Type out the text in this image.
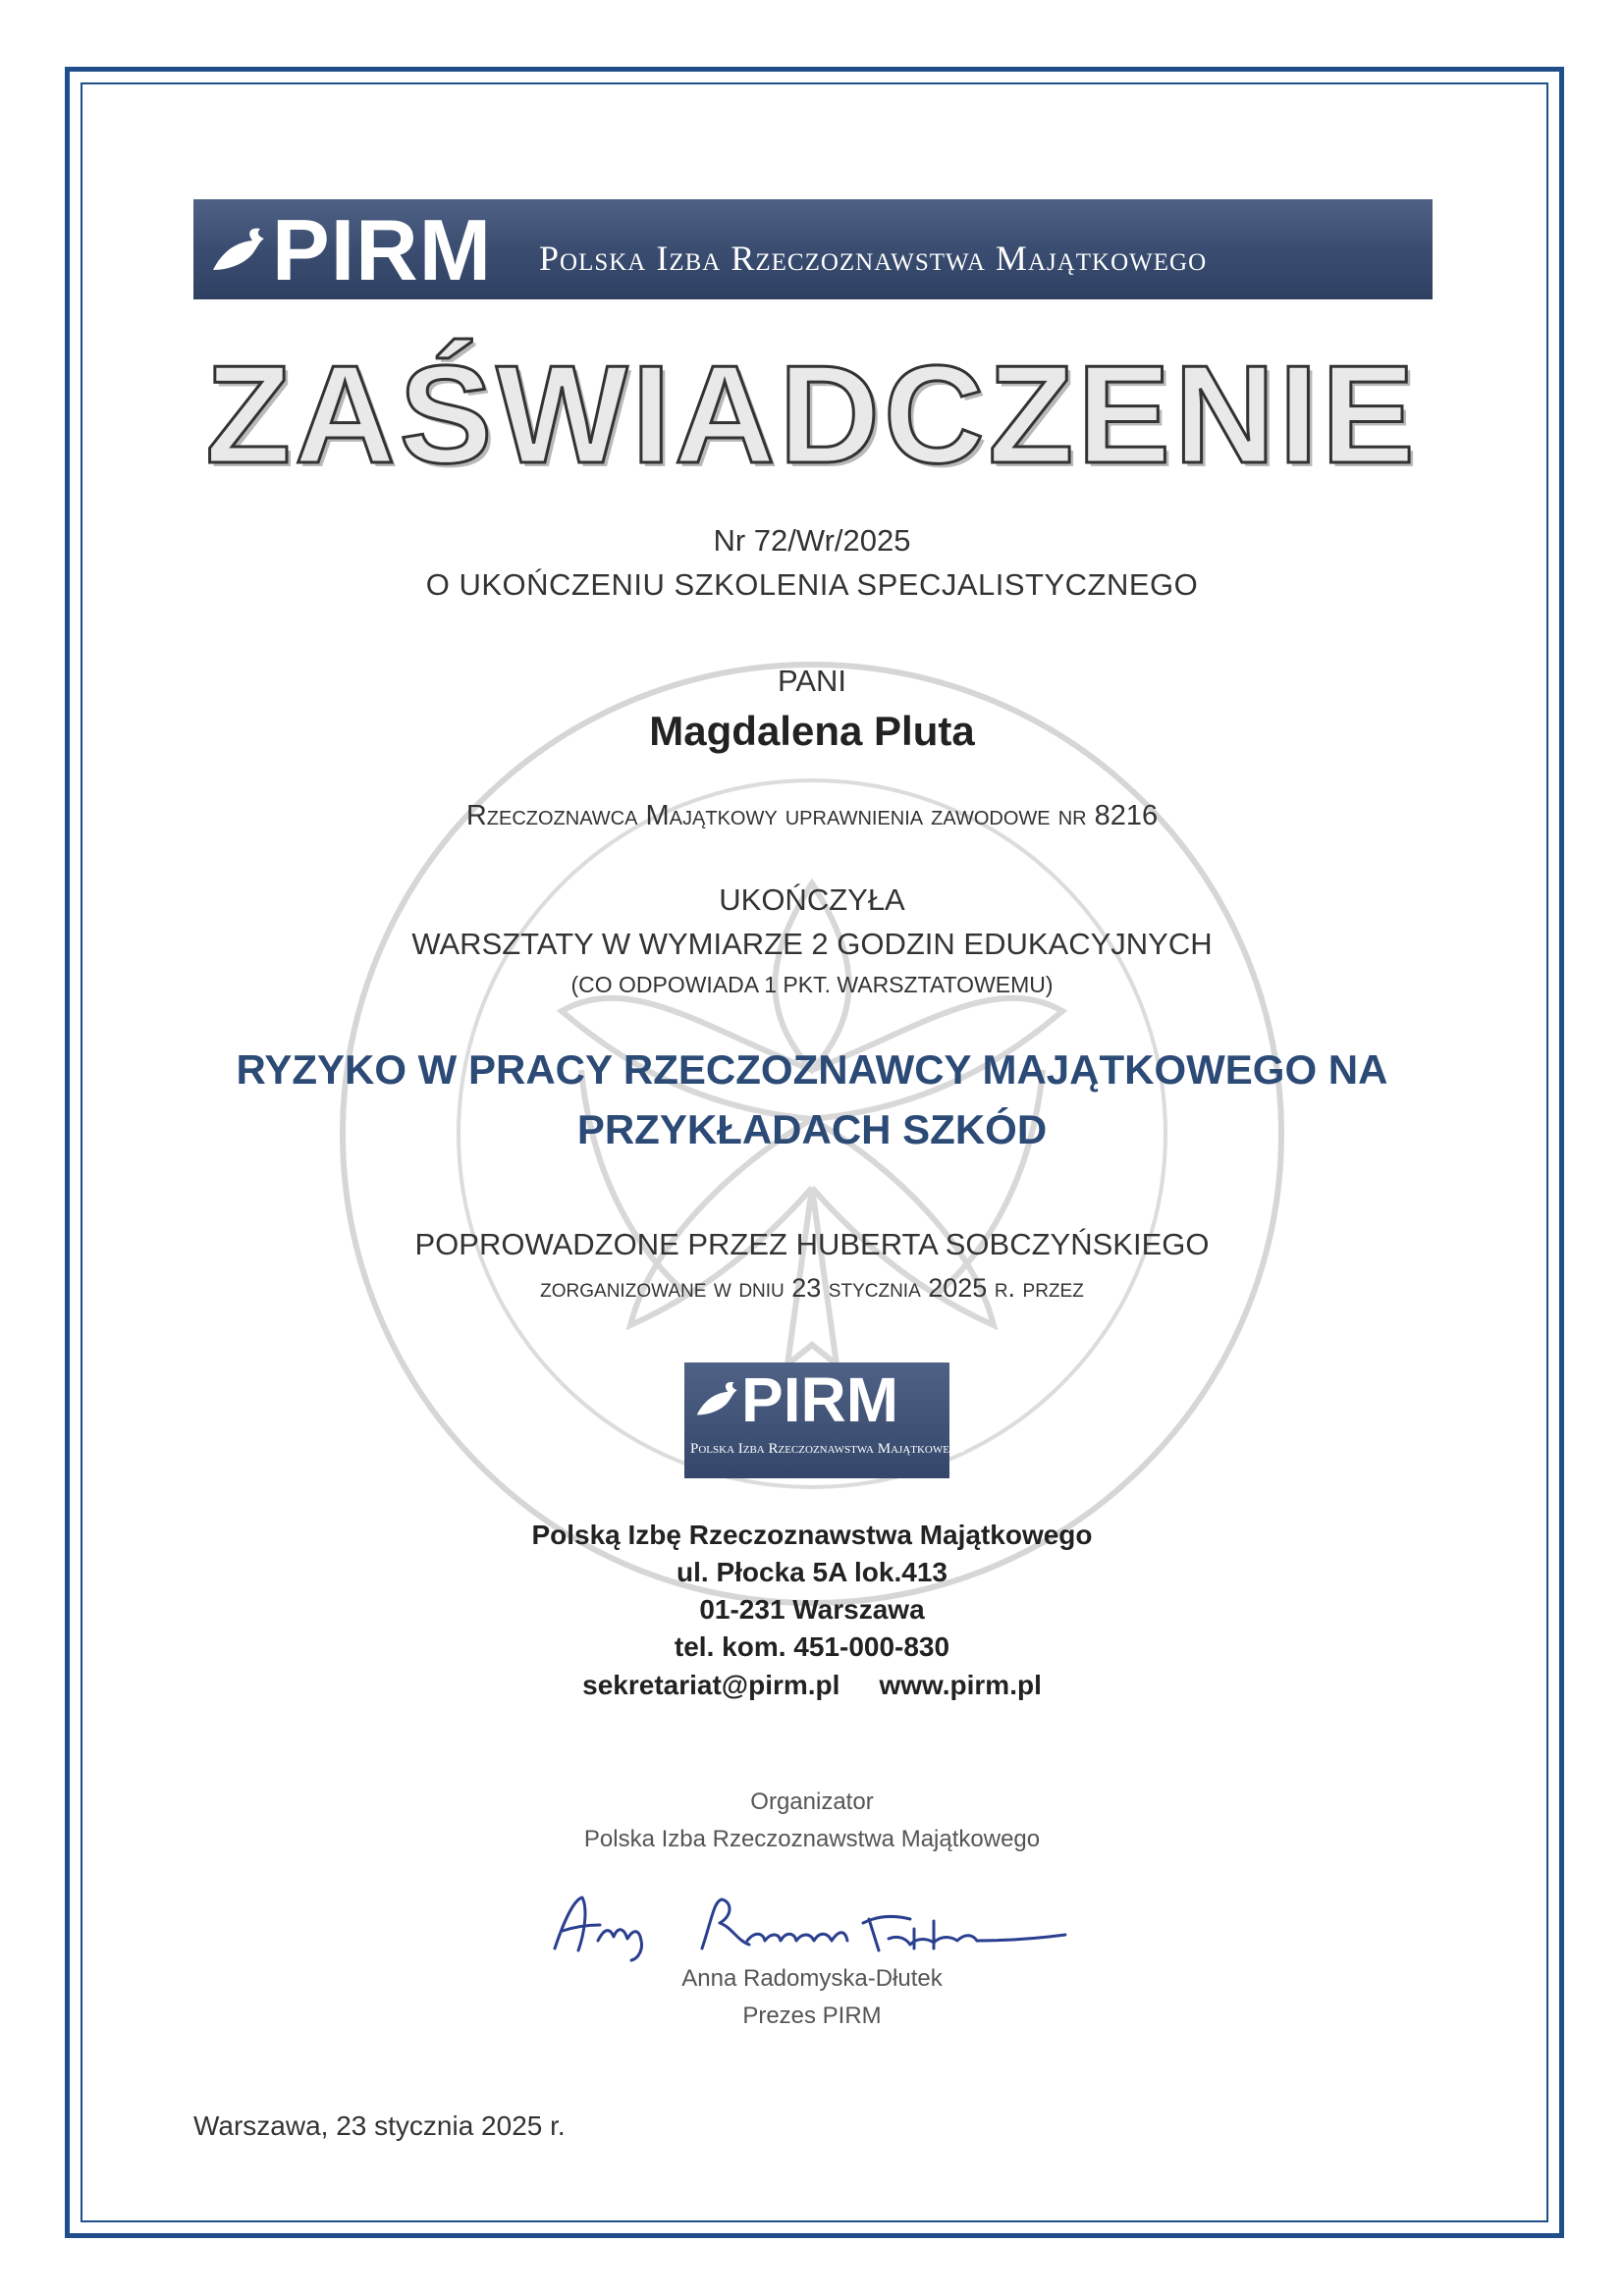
PIRM Polska Izba Rzeczoznawstwa Majątkowego
ZAŚWIADCZENIE
Nr 72/Wr/2025
O UKOŃCZENIU SZKOLENIA SPECJALISTYCZNEGO
PANI
Magdalena Pluta
Rzeczoznawca Majątkowy uprawnienia zawodowe nr 8216
UKOŃCZYŁA
WARSZTATY W WYMIARZE 2 GODZIN EDUKACYJNYCH
(CO ODPOWIADA 1 PKT. WARSZTATOWEMU)
RYZYKO W PRACY RZECZOZNAWCY MAJĄTKOWEGO NA
PRZYKŁADACH SZKÓD
POPROWADZONE PRZEZ HUBERTA SOBCZYŃSKIEGO
zorganizowane w dniu 23 stycznia 2025 r. przez
PIRM
Polska Izba Rzeczoznawstwa Majątkowego
Polską Izbę Rzeczoznawstwa Majątkowego
ul. Płocka 5A lok.413
01-231 Warszawa
tel. kom. 451-000-830
sekretariat@pirm.pl www.pirm.pl
Organizator
Polska Izba Rzeczoznawstwa Majątkowego
Anna Radomyska-Dłutek
Prezes PIRM
Warszawa, 23 stycznia 2025 r.
